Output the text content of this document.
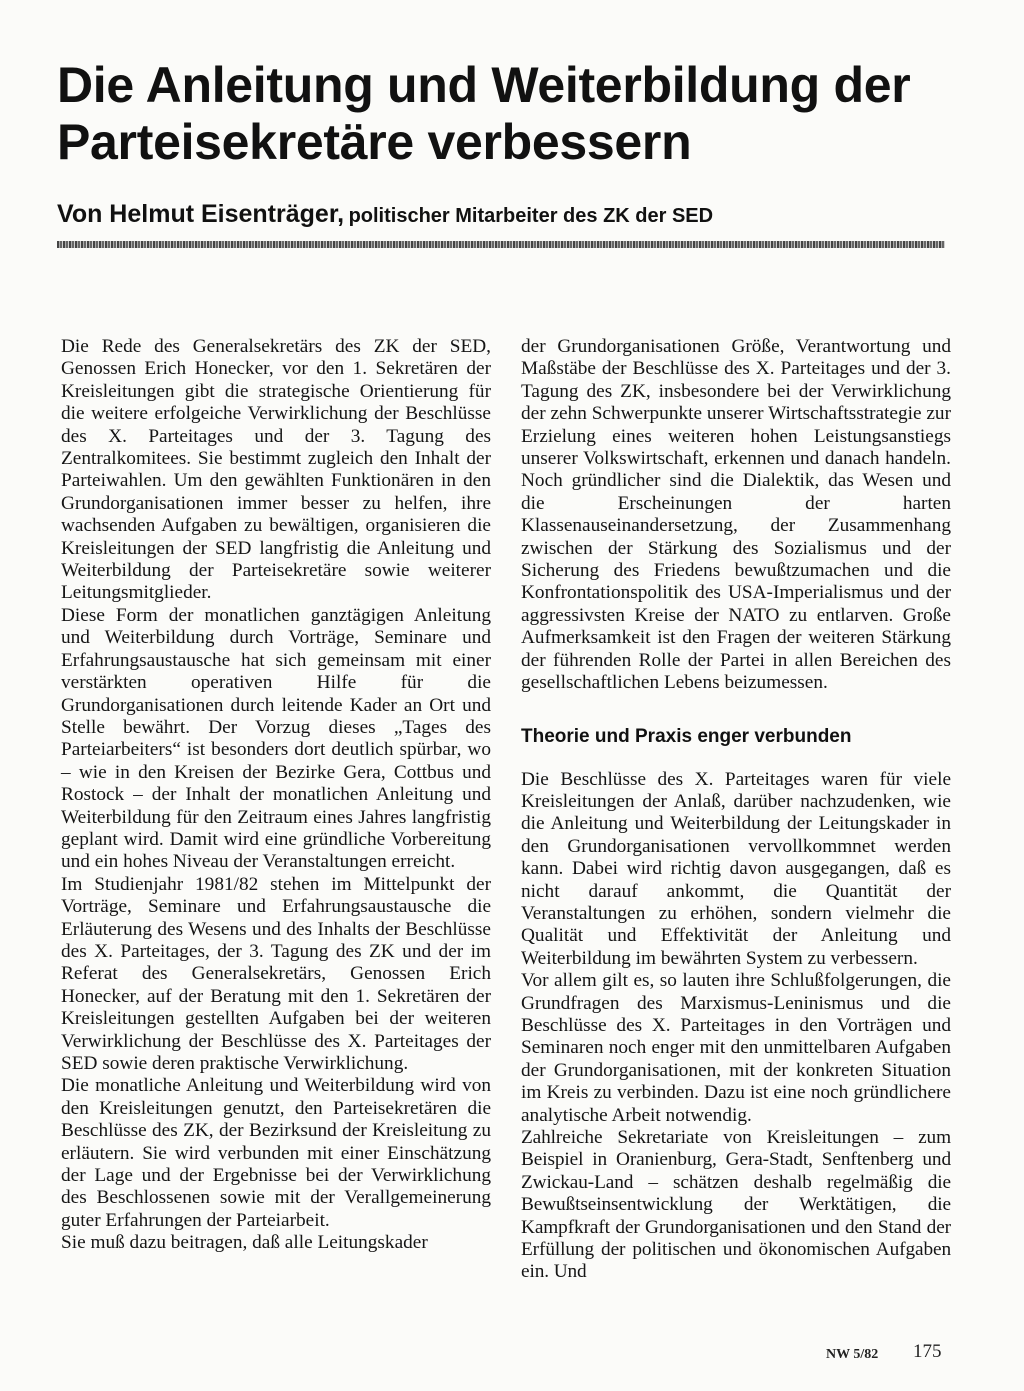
Die Anleitung und Weiterbildung der Parteisekretäre verbessern
Von Helmut Eisenträger, politischer Mitarbeiter des ZK der SED

Die Rede des Generalsekretärs des ZK der SED, Genossen Erich Honecker, vor den 1. Sekretären der Kreisleitungen gibt die strategische Orientierung für die weitere erfolgeiche Verwirklichung der Beschlüsse des X. Parteitages und der 3. Tagung des Zentralkomitees. Sie bestimmt zugleich den Inhalt der Parteiwahlen. Um den gewählten Funktionären in den Grundorganisationen immer besser zu helfen, ihre wachsenden Aufgaben zu bewältigen, organisieren die Kreisleitungen der SED langfristig die Anleitung und Weiterbildung der Parteisekretäre sowie weiterer Leitungsmitglieder.

Diese Form der monatlichen ganztägigen Anleitung und Weiterbildung durch Vorträge, Seminare und Erfahrungsaustausche hat sich gemeinsam mit einer verstärkten operativen Hilfe für die Grundorganisationen durch leitende Kader an Ort und Stelle bewährt. Der Vorzug dieses „Tages des Parteiarbeiters“ ist besonders dort deutlich spürbar, wo – wie in den Kreisen der Bezirke Gera, Cottbus und Rostock – der Inhalt der monatlichen Anleitung und Weiterbildung für den Zeitraum eines Jahres langfristig geplant wird. Damit wird eine gründliche Vorbereitung und ein hohes Niveau der Veranstaltungen erreicht.

Im Studienjahr 1981/82 stehen im Mittelpunkt der Vorträge, Seminare und Erfahrungsaustausche die Erläuterung des Wesens und des Inhalts der Beschlüsse des X. Parteitages, der 3. Tagung des ZK und der im Referat des Generalsekretärs, Genossen Erich Honecker, auf der Beratung mit den 1. Sekretären der Kreisleitungen gestellten Aufgaben bei der weiteren Verwirklichung der Beschlüsse des X. Parteitages der SED sowie deren praktische Verwirklichung.

Die monatliche Anleitung und Weiterbildung wird von den Kreisleitungen genutzt, den Parteisekretären die Beschlüsse des ZK, der Bezirksund der Kreisleitung zu erläutern. Sie wird verbunden mit einer Einschätzung der Lage und der Ergebnisse bei der Verwirklichung des Beschlossenen sowie mit der Verallgemeinerung guter Erfahrungen der Parteiarbeit.

Sie muß dazu beitragen, daß alle Leitungskader

der Grundorganisationen Größe, Verantwortung und Maßstäbe der Beschlüsse des X. Parteitages und der 3. Tagung des ZK, insbesondere bei der Verwirklichung der zehn Schwerpunkte unserer Wirtschaftsstrategie zur Erzielung eines weiteren hohen Leistungsanstiegs unserer Volkswirtschaft, erkennen und danach handeln. Noch gründlicher sind die Dialektik, das Wesen und die Erscheinungen der harten Klassenauseinandersetzung, der Zusammenhang zwischen der Stärkung des Sozialismus und der Sicherung des Friedens bewußtzumachen und die Konfrontationspolitik des USA-Imperialismus und der aggressivsten Kreise der NATO zu entlarven. Große Aufmerksamkeit ist den Fragen der weiteren Stärkung der führenden Rolle der Partei in allen Bereichen des gesellschaftlichen Lebens beizumessen.

Theorie und Praxis enger verbunden

Die Beschlüsse des X. Parteitages waren für viele Kreisleitungen der Anlaß, darüber nachzudenken, wie die Anleitung und Weiterbildung der Leitungskader in den Grundorganisationen vervollkommnet werden kann. Dabei wird richtig davon ausgegangen, daß es nicht darauf ankommt, die Quantität der Veranstaltungen zu erhöhen, sondern vielmehr die Qualität und Effektivität der Anleitung und Weiterbildung im bewährten System zu verbessern.

Vor allem gilt es, so lauten ihre Schlußfolgerungen, die Grundfragen des Marxismus-Leninismus und die Beschlüsse des X. Parteitages in den Vorträgen und Seminaren noch enger mit den unmittelbaren Aufgaben der Grundorganisationen, mit der konkreten Situation im Kreis zu verbinden. Dazu ist eine noch gründlichere analytische Arbeit notwendig.

Zahlreiche Sekretariate von Kreisleitungen – zum Beispiel in Oranienburg, Gera-Stadt, Senftenberg und Zwickau-Land – schätzen deshalb regelmäßig die Bewußtseinsentwicklung der Werktätigen, die Kampfkraft der Grundorganisationen und den Stand der Erfüllung der politischen und ökonomischen Aufgaben ein. Und

NW 5/82 175
